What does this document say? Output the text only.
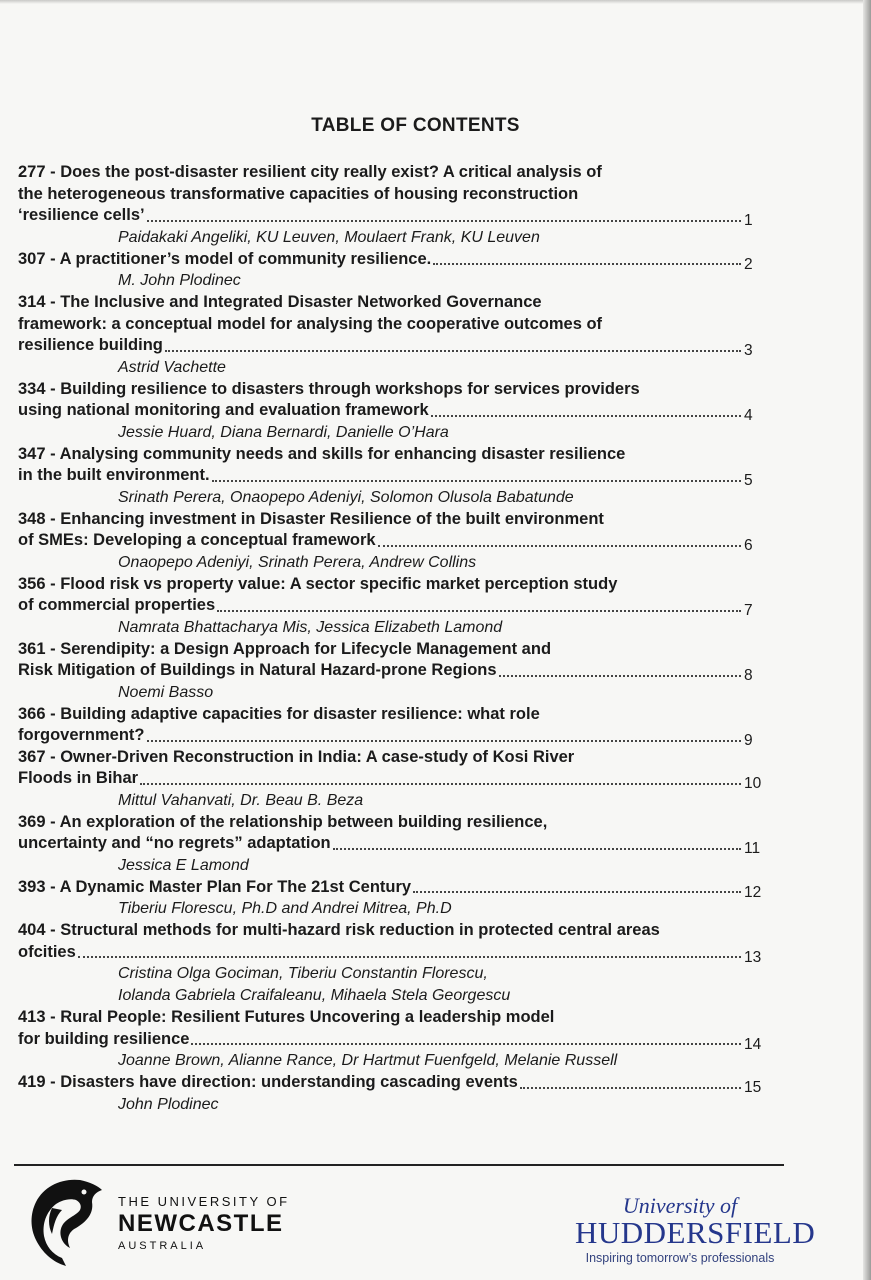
TABLE OF CONTENTS
277 - Does the post-disaster resilient city really exist? A critical analysis of
the heterogeneous transformative capacities of housing reconstruction
‘resilience cells’	1
Paidakaki Angeliki, KU Leuven, Moulaert Frank, KU Leuven
307 - A practitioner’s model of community resilience.	2
M. John Plodinec
314 - The Inclusive and Integrated Disaster Networked Governance
framework: a conceptual model for analysing the cooperative outcomes of
resilience building	3
Astrid Vachette
334 - Building resilience to disasters through workshops for services providers
using national monitoring and evaluation framework	4
Jessie Huard, Diana Bernardi, Danielle O’Hara
347 - Analysing community needs and skills for enhancing disaster resilience
in the built environment.	5
Srinath Perera, Onaopepo Adeniyi, Solomon Olusola Babatunde
348 - Enhancing investment in Disaster Resilience of the built environment
of SMEs: Developing a conceptual framework	6
Onaopepo Adeniyi, Srinath Perera, Andrew Collins
356 - Flood risk vs property value: A sector specific market perception study
of commercial properties	7
Namrata Bhattacharya Mis, Jessica Elizabeth Lamond
361 - Serendipity: a Design Approach for Lifecycle Management and
Risk Mitigation of Buildings in Natural Hazard-prone Regions	8
Noemi Basso
366 - Building adaptive capacities for disaster resilience: what role
forgovernment?	9
367 - Owner-Driven Reconstruction in India: A case-study of Kosi River
Floods in Bihar	10
Mittul Vahanvati, Dr. Beau B. Beza
369 - An exploration of the relationship between building resilience,
uncertainty and “no regrets” adaptation	11
Jessica E Lamond
393 - A Dynamic Master Plan For The 21st Century	12
Tiberiu Florescu, Ph.D and Andrei Mitrea, Ph.D
404 - Structural methods for multi-hazard risk reduction in protected central areas
ofcities	13
Cristina Olga Gociman, Tiberiu Constantin Florescu,
Iolanda Gabriela Craifaleanu, Mihaela Stela Georgescu
413 - Rural People: Resilient Futures Uncovering a leadership model
for building resilience	14
Joanne Brown, Alianne Rance, Dr Hartmut Fuenfgeld, Melanie Russell
419 - Disasters have direction: understanding cascading events	15
John Plodinec
THE UNIVERSITY OF
NEWCASTLE
AUSTRALIA
University of
HUDDERSFIELD
Inspiring tomorrow’s professionals
